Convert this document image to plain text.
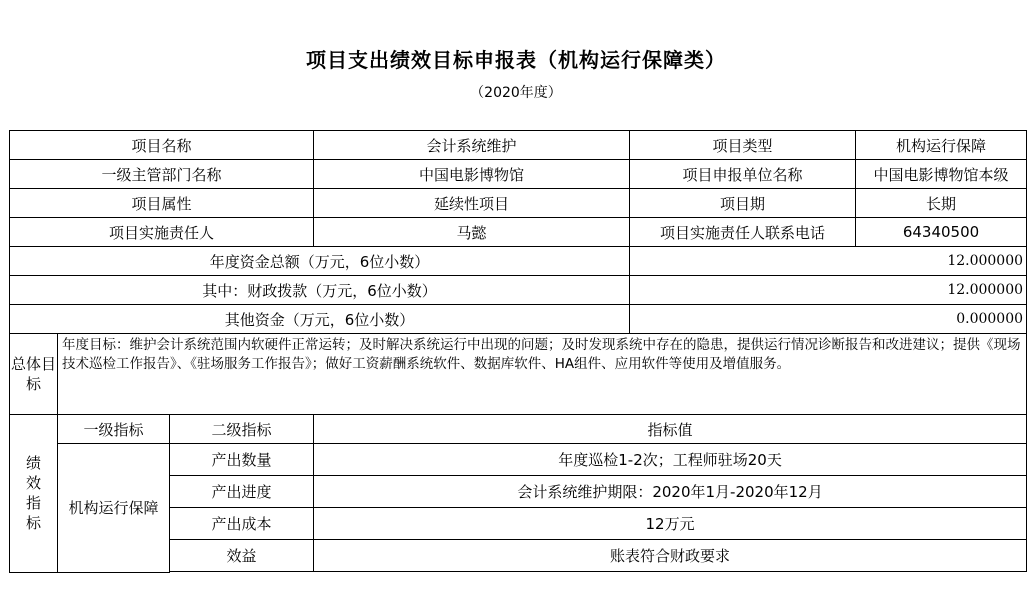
项目支出绩效目标申报表（机构运行保障类）
（2020年度）
项目名称			会计系统维护	项目类型	机构运行保障
一级主管部门名称			中国电影博物馆	项目申报单位名称	中国电影博物馆本级
项目属性			延续性项目	项目期	长期
项目实施责任人			马懿	项目实施责任人联系电话	64340500
年度资金总额（万元，6位小数）				12.000000	
其中：财政拨款（万元，6位小数）				12.000000	
其他资金（万元，6位小数）				0.000000	
总体目标	年度目标：维护会计系统范围内软硬件正常运转；及时解决系统运行中出现的问题；及时发现系统中存在的隐患，提供运行情况诊断报告和改进建议；提供《现场技术巡检工作报告》、《驻场服务工作报告》；做好工资薪酬系统软件、数据库软件、HA组件、应用软件等使用及增值服务。				

绩效指标	一级指标	二级指标	指标值		
	机构运行保障	产出数量	年度巡检1-2次；工程师驻场20天		
		产出进度	会计系统维护期限：2020年1月-2020年12月		
		产出成本	12万元		
		效益	账表符合财政要求		
